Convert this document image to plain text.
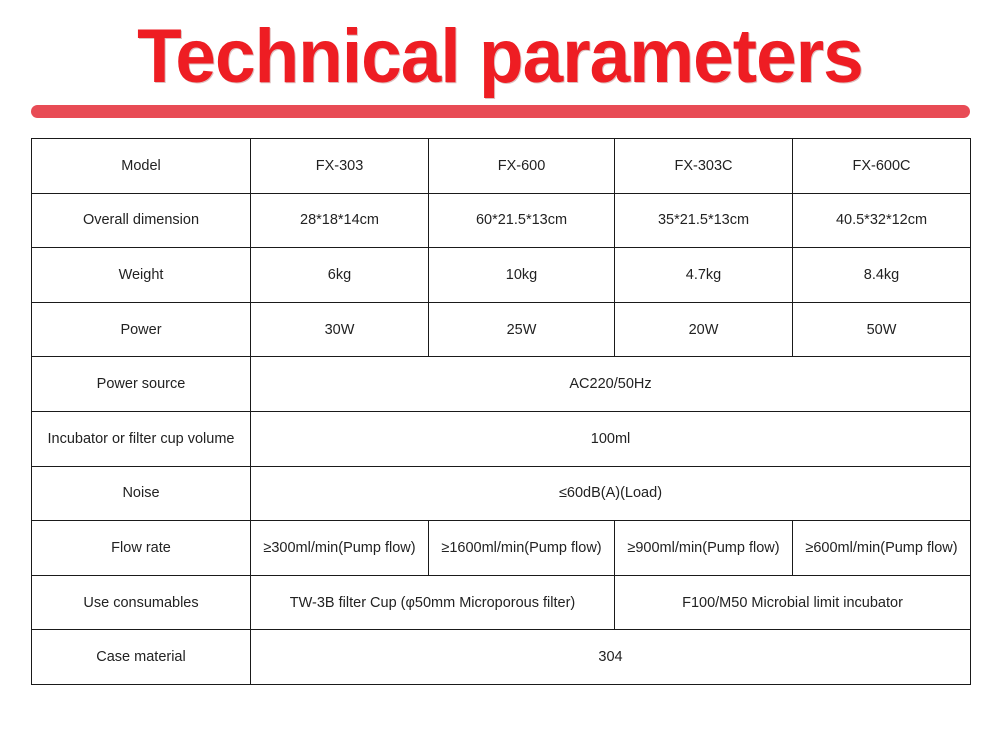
Technical parameters
Model	FX-303	FX-600	FX-303C	FX-600C
Overall dimension	28*18*14cm	60*21.5*13cm	35*21.5*13cm	40.5*32*12cm
Weight	6kg	10kg	4.7kg	8.4kg
Power	30W	25W	20W	50W
Power source	AC220/50Hz			
Incubator or filter cup volume	100ml			
Noise	≤60dB(A)(Load)			
Flow rate	≥300ml/min(Pump flow)	≥1600ml/min(Pump flow)	≥900ml/min(Pump flow)	≥600ml/min(Pump flow)
Use consumables	TW-3B filter Cup (φ50mm Microporous filter)		F100/M50 Microbial limit incubator	
Case material	304			
